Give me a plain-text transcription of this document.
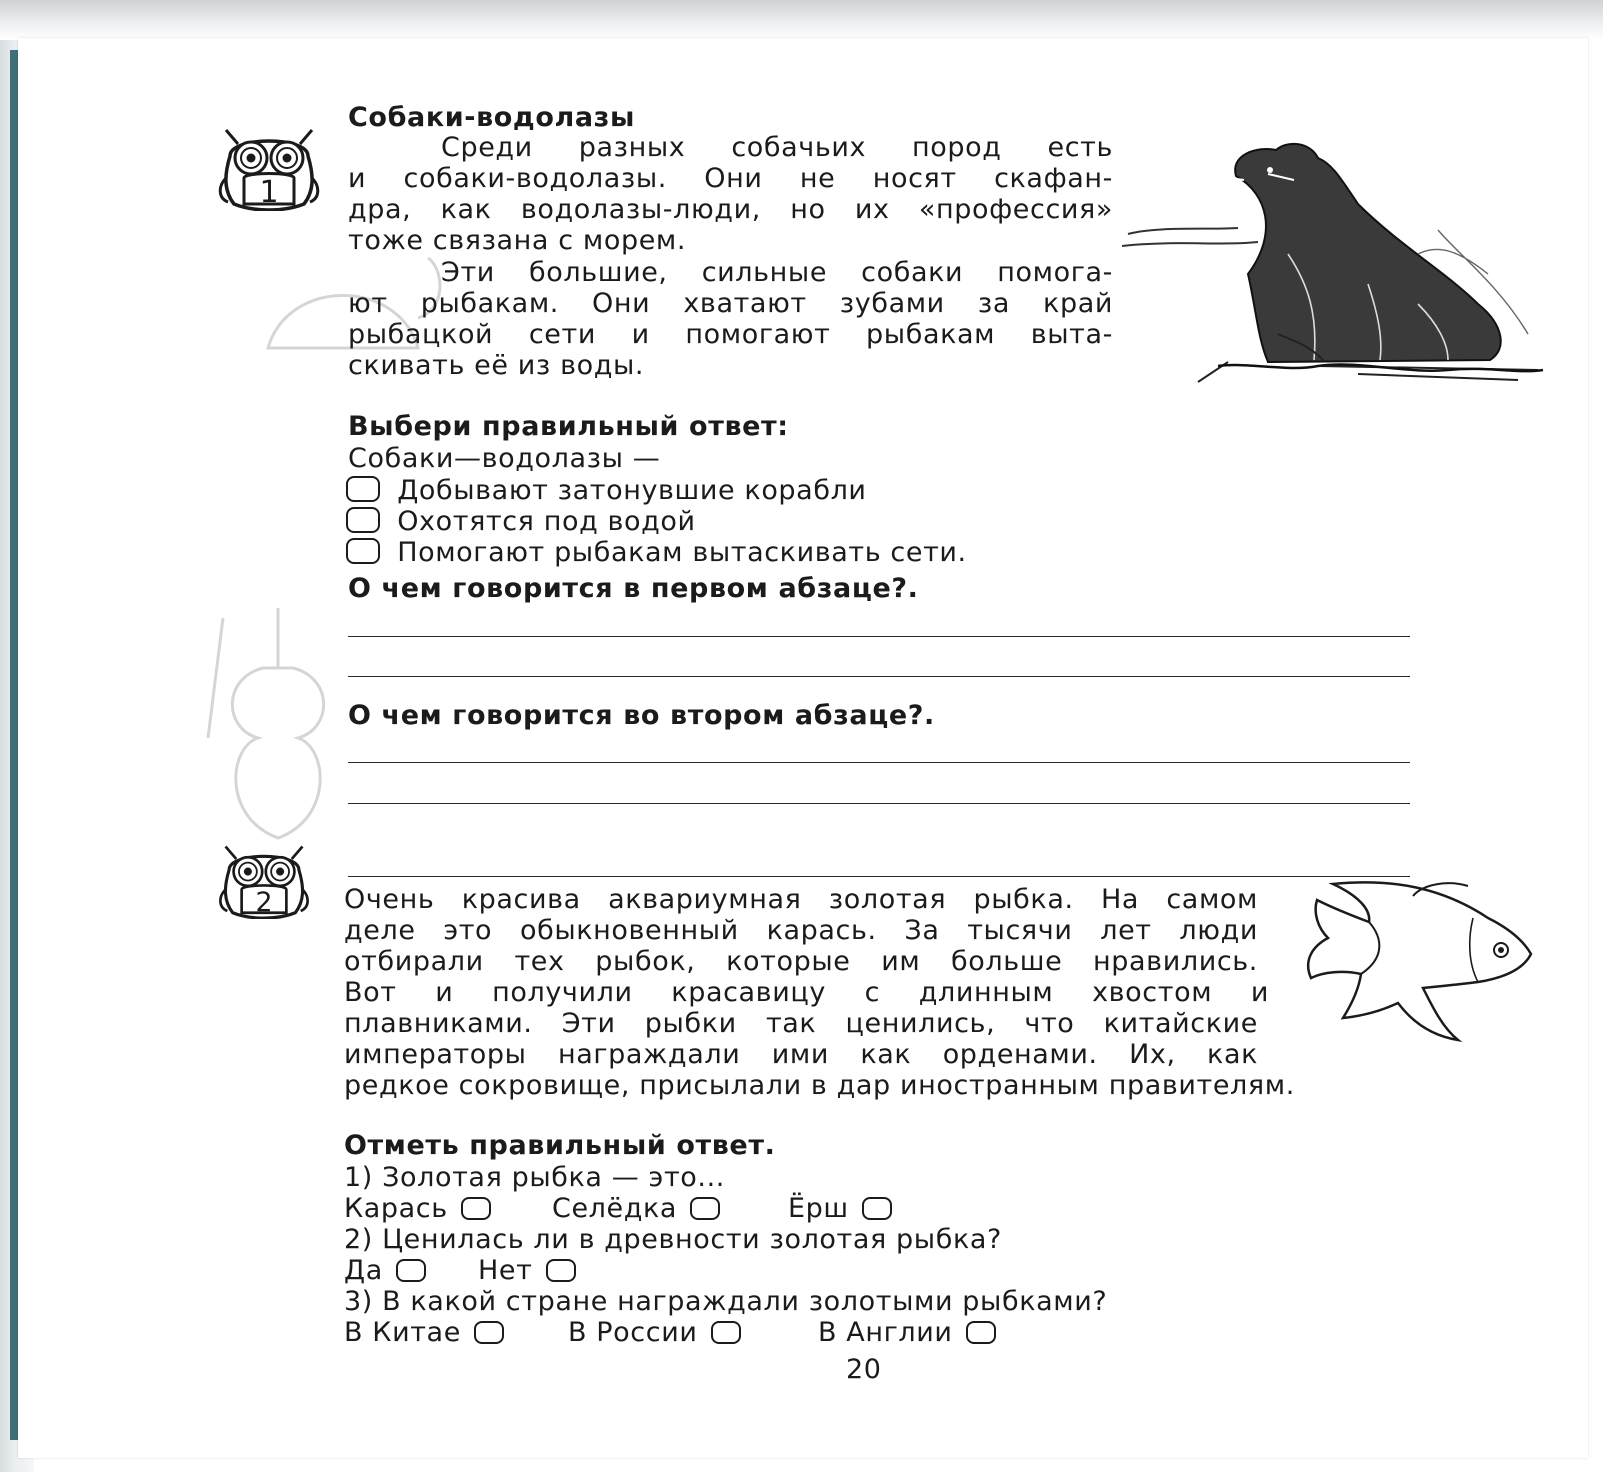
1
Собаки-водолазы
Среди разных собачьих пород есть
и собаки-водолазы. Они не носят скафан-
дра, как водолазы-люди, но их «профессия»
тоже связана с морем.
Эти большие, сильные собаки помога-
ют рыбакам. Они хватают зубами за край
рыбацкой сети и помогают рыбакам выта-
скивать её из воды.
Выбери правильный ответ:
Собаки—водолазы —
Добывают затонувшие корабли
Охотятся под водой
Помогают рыбакам вытаскивать сети.
О чем говорится в первом абзаце?.
О чем говорится во втором абзаце?.
2	Очень красива аквариумная золотая рыбка. На самом
деле это обыкновенный карась. За тысячи лет люди
отбирали тех рыбок, которые им больше нравились.
Вот и получили красавицу с длинным хвостом и
плавниками. Эти рыбки так ценились, что китайские
императоры награждали ими как орденами. Их, как
редкое сокровище, присылали в дар иностранным правителям.
Отметь правильный ответ.
1) Золотая рыбка — это...
Карась	Селёдка	Ёрш
2) Ценилась ли в древности золотая рыбка?
Да	Нет
3) В какой стране награждали золотыми рыбками?
В Китае	В России	В Англии
20
